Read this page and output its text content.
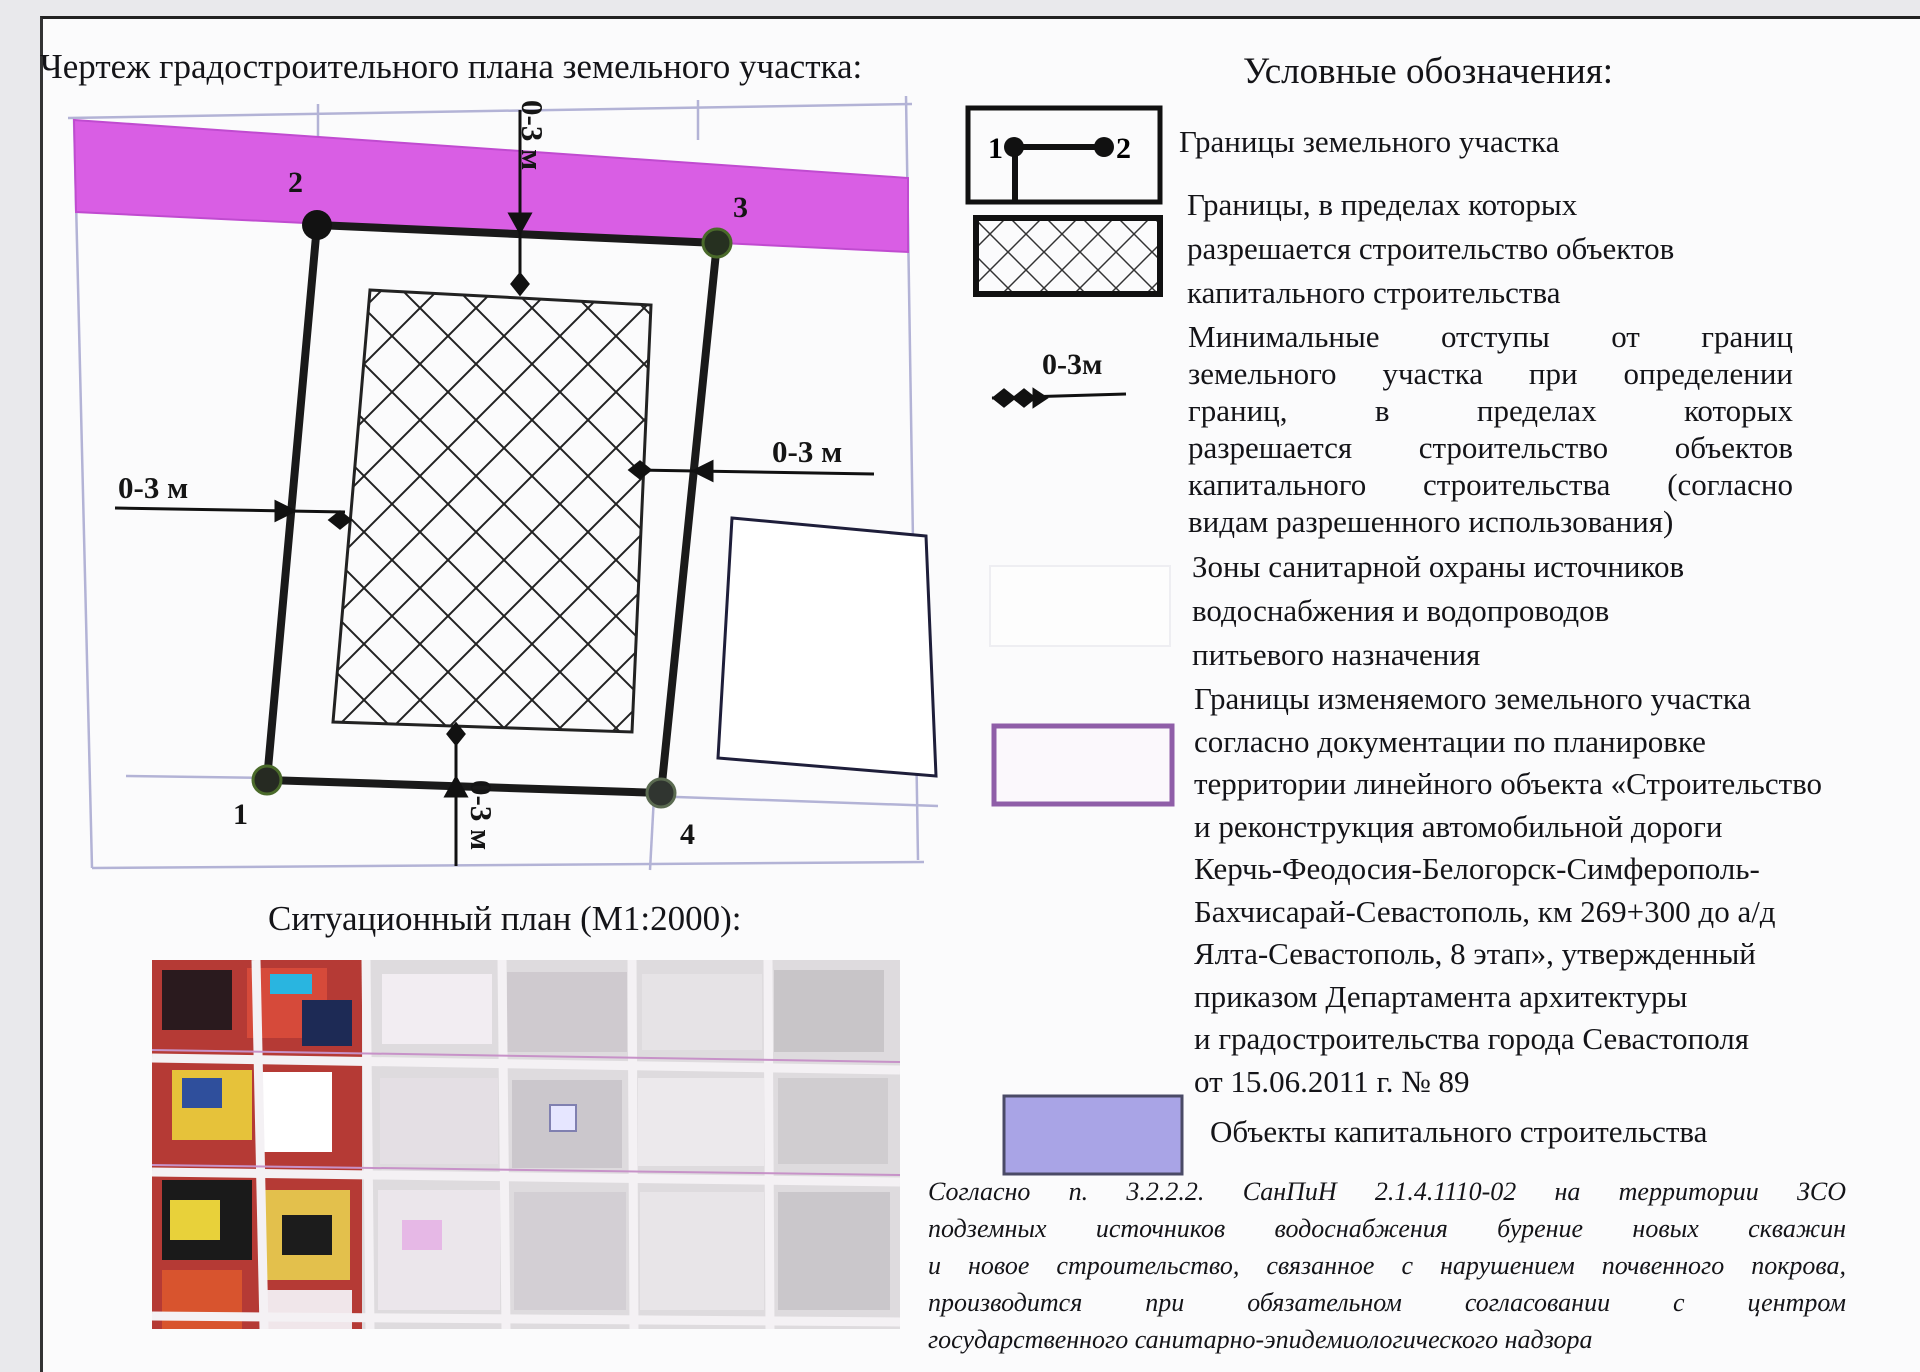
Чертеж градостроительного плана земельного участка:	Условные обозначения:
Ситуационный план (М1:2000):
1
2
3
4
0-3 м
0-3 м
0-3 м
0-3 м
1	2
0-3м
Границы земельного участка
Границы, в пределах которых
разрешается строительство объектов
капитального строительства
Минимальные отступы от границ
земельного участка при определении
границ, в пределах которых
разрешается строительство объектов
капитального строительства (согласно
видам разрешенного использования)
Зоны санитарной охраны источников
водоснабжения и водопроводов
питьевого назначения
Границы изменяемого земельного участка
согласно документации по планировке
территории линейного объекта «Строительство
и реконструкция автомобильной дороги
Керчь-Феодосия-Белогорск-Симферополь-
Бахчисарай-Севастополь, км 269+300 до а/д
Ялта-Севастополь, 8 этап», утвержденный
приказом Департамента архитектуры
и градостроительства города Севастополя
от 15.06.2011 г. № 89
Объекты капитального строительства
Согласно п. 3.2.2.2. СанПиН 2.1.4.1110-02 на территории ЗСО
подземных источников водоснабжения бурение новых скважин
и новое строительство, связанное с нарушением почвенного покрова,
производится при обязательном согласовании с центром
государственного санитарно-эпидемиологического надзора
